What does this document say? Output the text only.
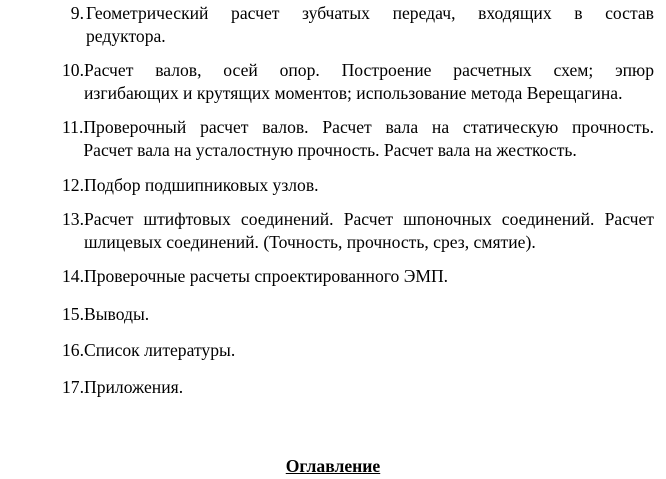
9. Геометрический расчет зубчатых передач, входящих в состав
редуктора.
10. Расчет валов, осей опор. Построение расчетных схем; эпюр
изгибающих и крутящих моментов; использование метода Верещагина.
11. Проверочный расчет валов. Расчет вала на статическую прочность.
Расчет вала на усталостную прочность. Расчет вала на жесткость.
12. Подбор подшипниковых узлов.
13. Расчет штифтовых соединений. Расчет шпоночных соединений. Расчет
шлицевых соединений. (Точность, прочность, срез, смятие).
14. Проверочные расчеты спроектированного ЭМП.
15. Выводы.
16. Список литературы.
17. Приложения.
Оглавление
